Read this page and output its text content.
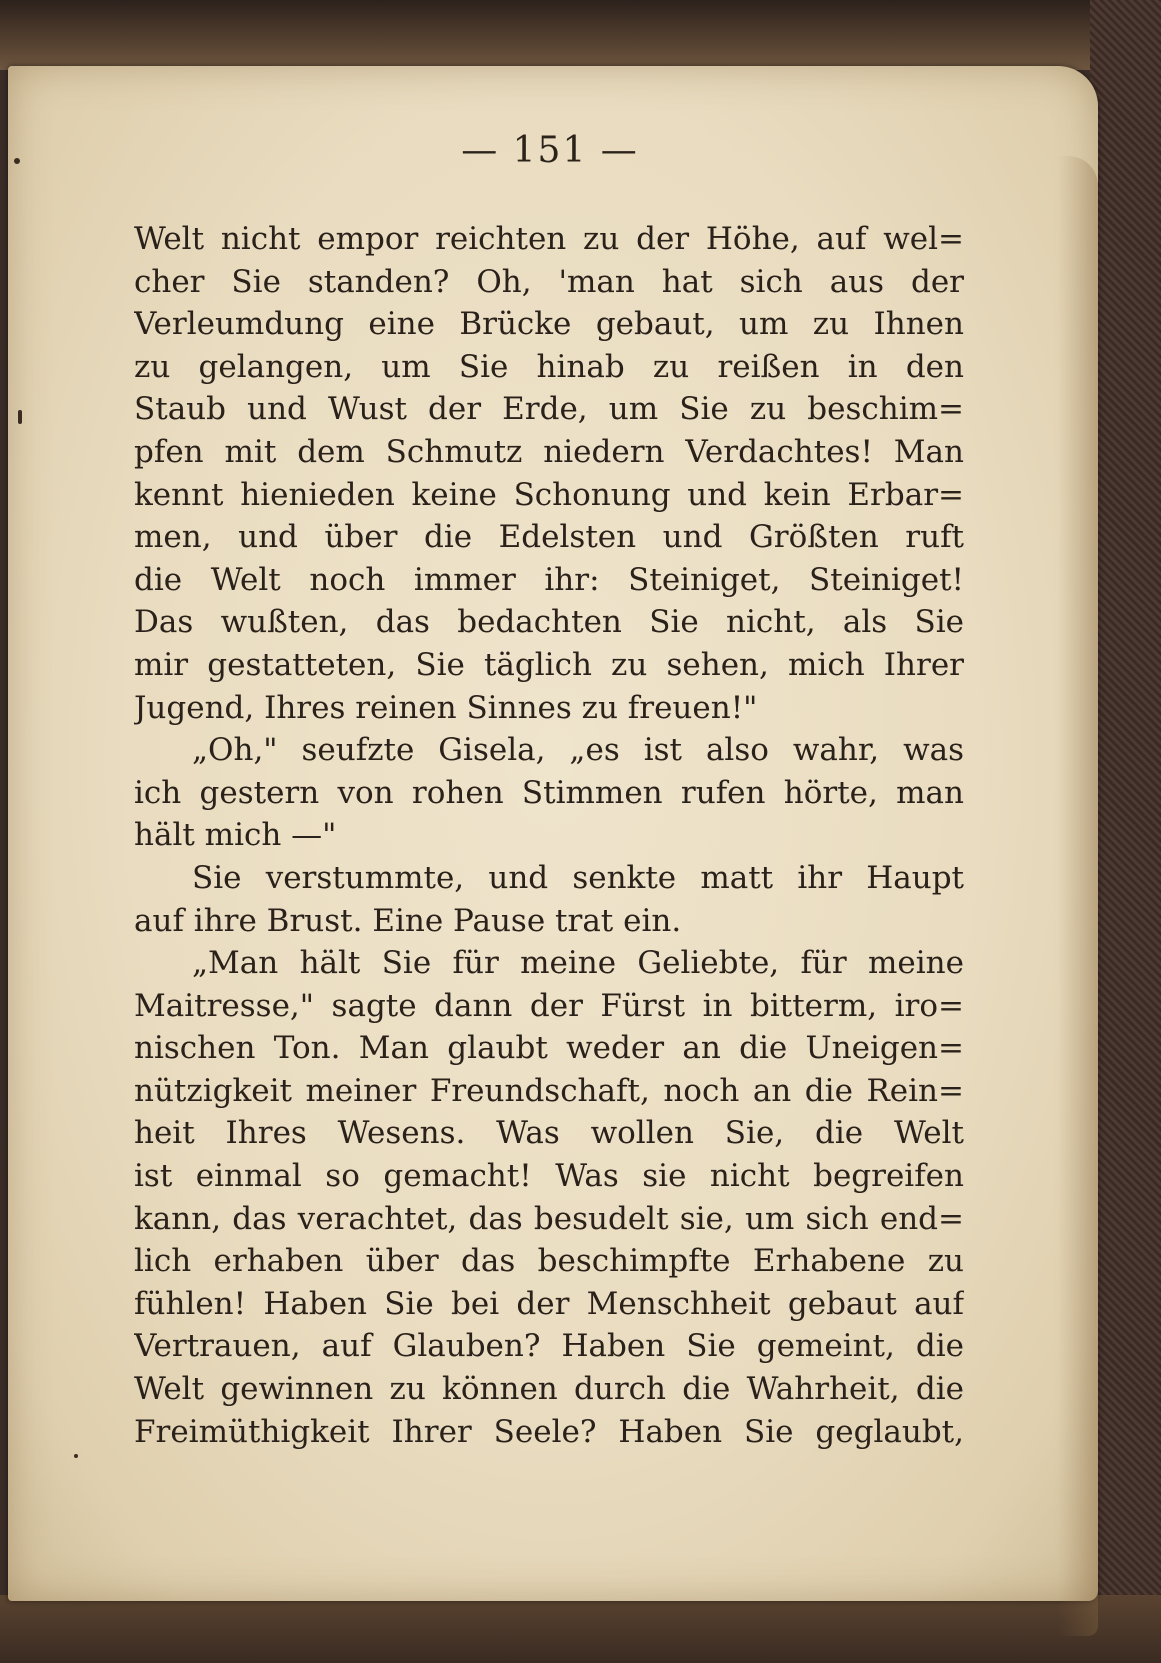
— 151 —
Welt nicht empor reichten zu der Höhe, auf wel=
cher Sie standen? Oh, 'man hat sich aus der
Verleumdung eine Brücke gebaut, um zu Ihnen
zu gelangen, um Sie hinab zu reißen in den
Staub und Wust der Erde, um Sie zu beschim=
pfen mit dem Schmutz niedern Verdachtes! Man
kennt hienieden keine Schonung und kein Erbar=
men, und über die Edelsten und Größten ruft
die Welt noch immer ihr: Steiniget, Steiniget!
Das wußten, das bedachten Sie nicht, als Sie
mir gestatteten, Sie täglich zu sehen, mich Ihrer
Jugend, Ihres reinen Sinnes zu freuen!"
„Oh," seufzte Gisela, „es ist also wahr, was
ich gestern von rohen Stimmen rufen hörte, man
hält mich —"
Sie verstummte, und senkte matt ihr Haupt
auf ihre Brust. Eine Pause trat ein.
„Man hält Sie für meine Geliebte, für meine
Maitresse," sagte dann der Fürst in bitterm, iro=
nischen Ton. Man glaubt weder an die Uneigen=
nützigkeit meiner Freundschaft, noch an die Rein=
heit Ihres Wesens. Was wollen Sie, die Welt
ist einmal so gemacht! Was sie nicht begreifen
kann, das verachtet, das besudelt sie, um sich end=
lich erhaben über das beschimpfte Erhabene zu
fühlen! Haben Sie bei der Menschheit gebaut auf
Vertrauen, auf Glauben? Haben Sie gemeint, die
Welt gewinnen zu können durch die Wahrheit, die
Freimüthigkeit Ihrer Seele? Haben Sie geglaubt,
